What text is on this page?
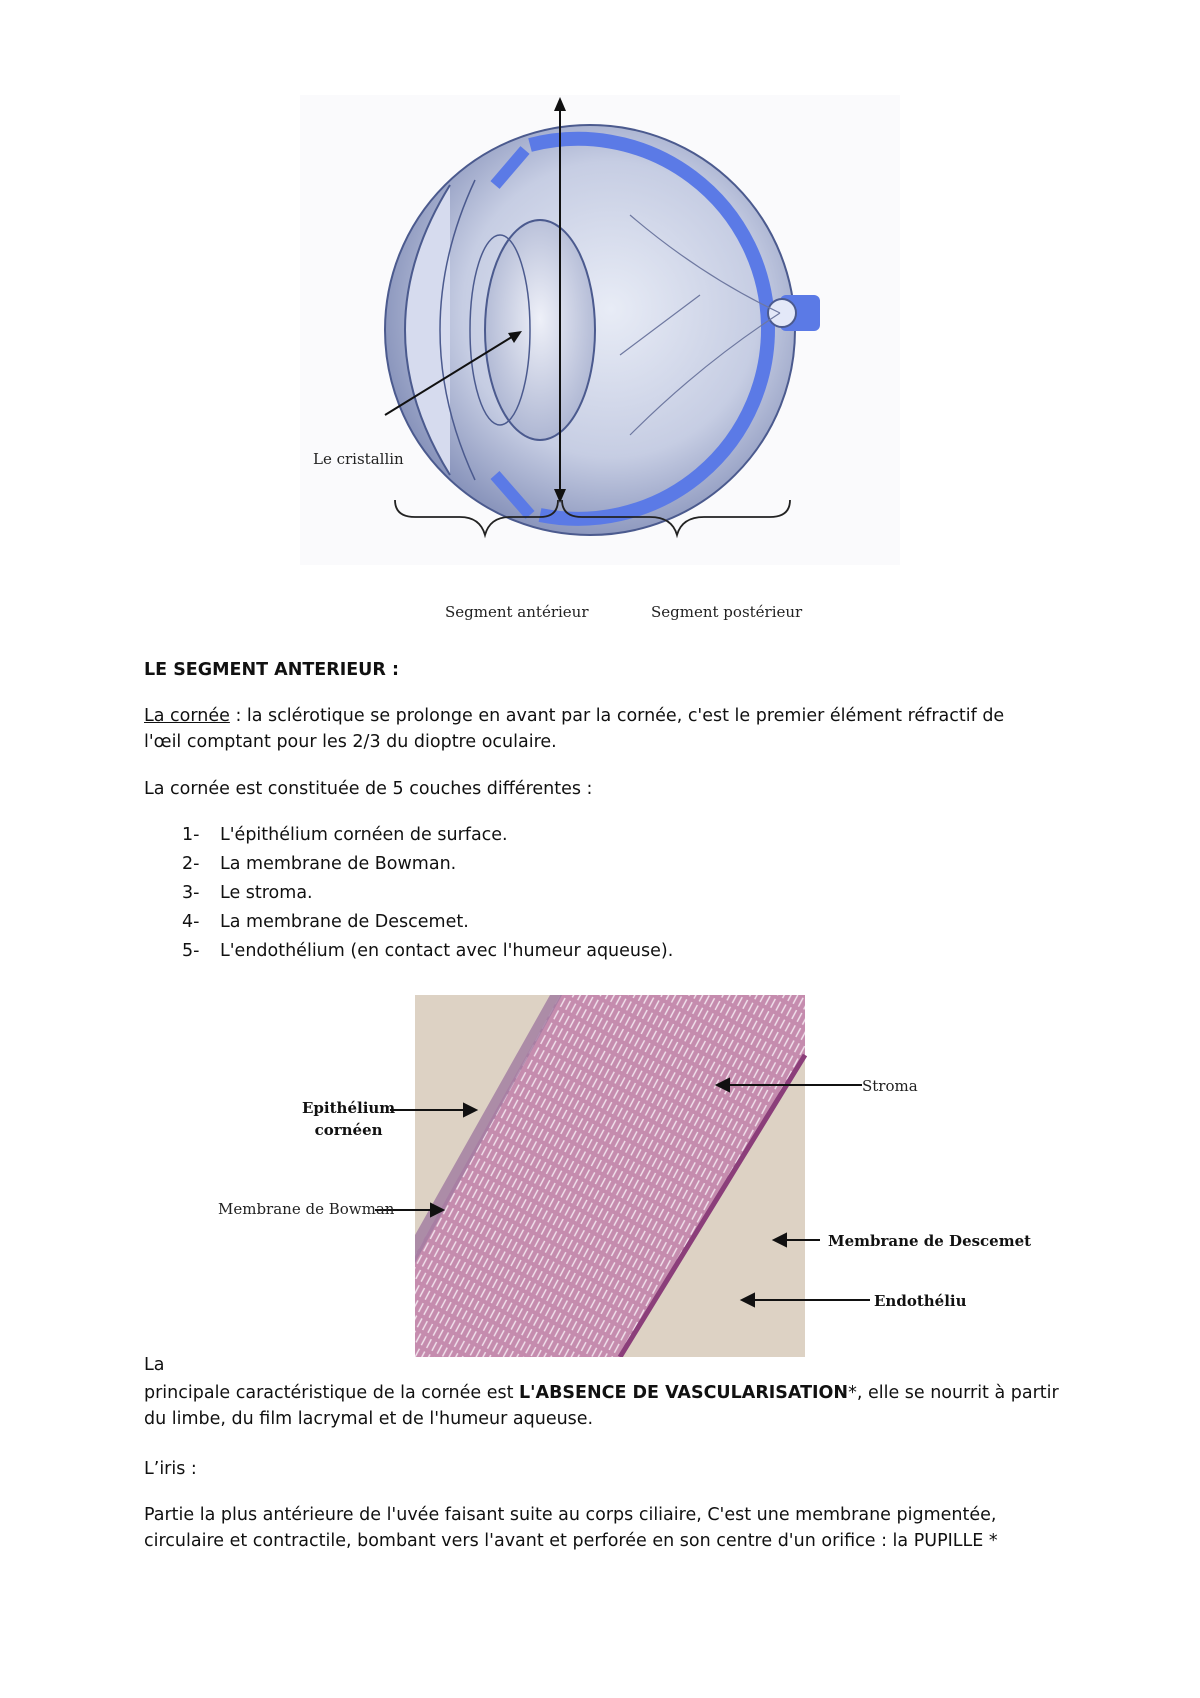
Le cristallin
Segment antérieur	Segment postérieur
LE SEGMENT ANTERIEUR :
La cornée : la sclérotique se prolonge en avant par la cornée, c'est le premier élément réfractif de
l'œil comptant pour les 2/3 du dioptre oculaire.
La cornée est constituée de 5 couches différentes :
1-	L'épithélium cornéen de surface.
2-	La membrane de Bowman.
3-	Le stroma.
4-	La membrane de Descemet.
5-	L'endothélium (en contact avec l'humeur aqueuse).
Epithélium
cornéen
Membrane de Bowman
Stroma
Membrane de Descemet
Endothéliu
La
principale caractéristique de la cornée est L'ABSENCE DE VASCULARISATION*, elle se nourrit à partir
du limbe, du film lacrymal et de l'humeur aqueuse.
L’iris :
Partie la plus antérieure de l'uvée faisant suite au corps ciliaire, C'est une membrane pigmentée,
circulaire et contractile, bombant vers l'avant et perforée en son centre d'un orifice : la PUPILLE *
